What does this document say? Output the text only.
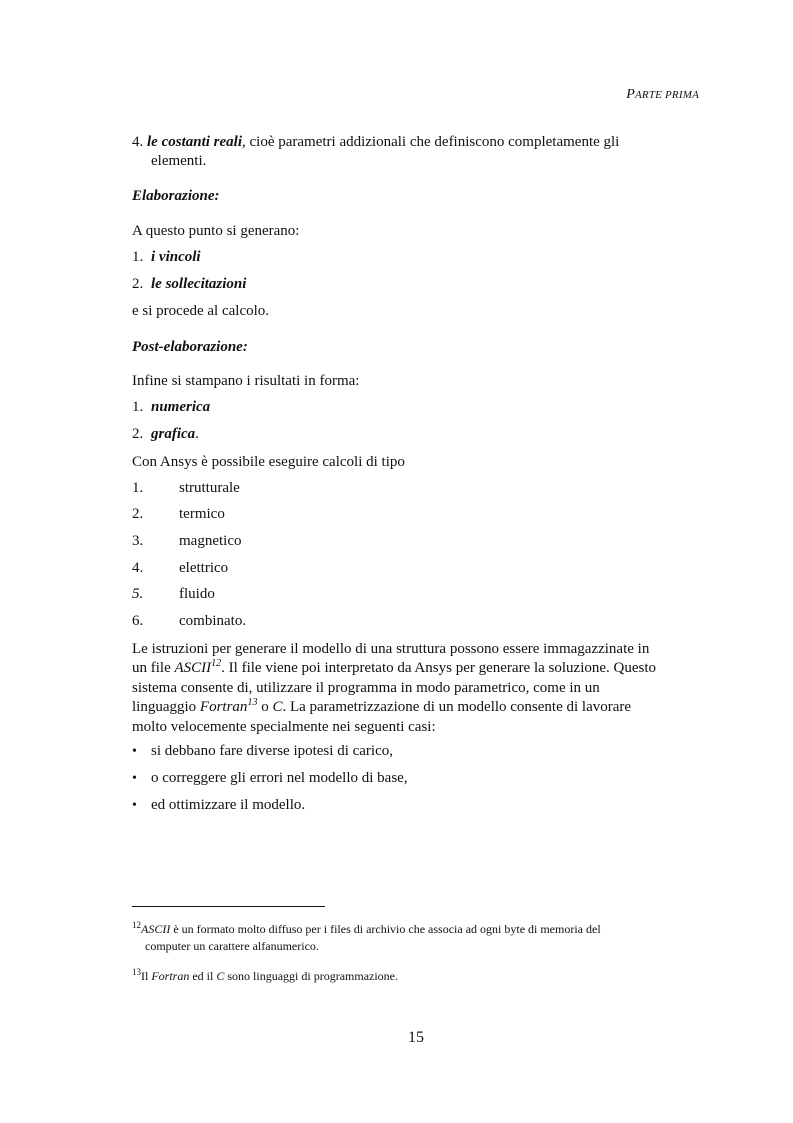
PARTE PRIMA
4. le costanti reali, cioè parametri addizionali che definiscono completamente gli
elementi.
Elaborazione:
A questo punto si generano:
1. i vincoli
2. le sollecitazioni
e si procede al calcolo.
Post-elaborazione:
Infine si stampano i risultati in forma:
1. numerica
2. grafica.
Con Ansys è possibile eseguire calcoli di tipo
1. strutturale
2. termico
3. magnetico
4. elettrico
5. fluido
6. combinato.
Le istruzioni per generare il modello di una struttura possono essere immagazzinate in
un file ASCII$^{12}$. Il file viene poi interpretato da Ansys per generare la soluzione. Questo
sistema consente di, utilizzare il programma in modo parametrico, come in un
linguaggio Fortran$^{13}$ o C. La parametrizzazione di un modello consente di lavorare
molto velocemente specialmente nei seguenti casi:
• si debbano fare diverse ipotesi di carico,
• o correggere gli errori nel modello di base,
• ed ottimizzare il modello.
$^{12}$ASCII è un formato molto diffuso per i files di archivio che associa ad ogni byte di memoria del
computer un carattere alfanumerico.
$^{13}$Il Fortran ed il C sono linguaggi di programmazione.
15
